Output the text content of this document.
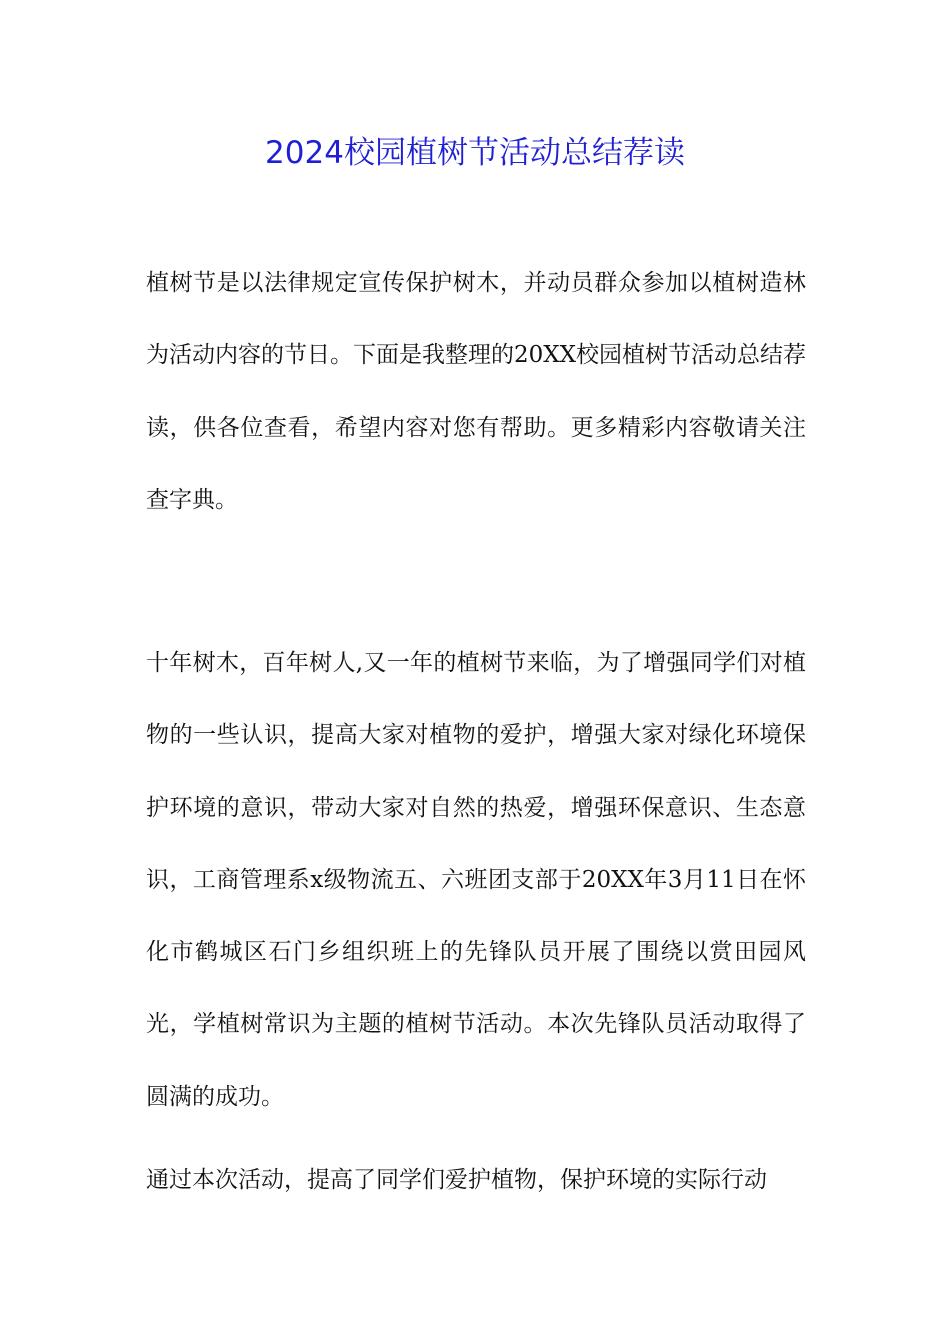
2024校园植树节活动总结荐读

植树节是以法律规定宣传保护树木，并动员群众参加以植树造林为活动内容的节日。下面是我整理的20XX校园植树节活动总结荐读，供各位查看，希望内容对您有帮助。更多精彩内容敬请关注查字典。

十年树木，百年树人,又一年的植树节来临，为了增强同学们对植物的一些认识，提高大家对植物的爱护，增强大家对绿化环境保护环境的意识，带动大家对自然的热爱，增强环保意识、生态意识，工商管理系x级物流五、六班团支部于20XX年3月11日在怀化市鹤城区石门乡组织班上的先锋队员开展了围绕以赏田园风光，学植树常识为主题的植树节活动。本次先锋队员活动取得了圆满的成功。

通过本次活动，提高了同学们爱护植物，保护环境的实际行动
